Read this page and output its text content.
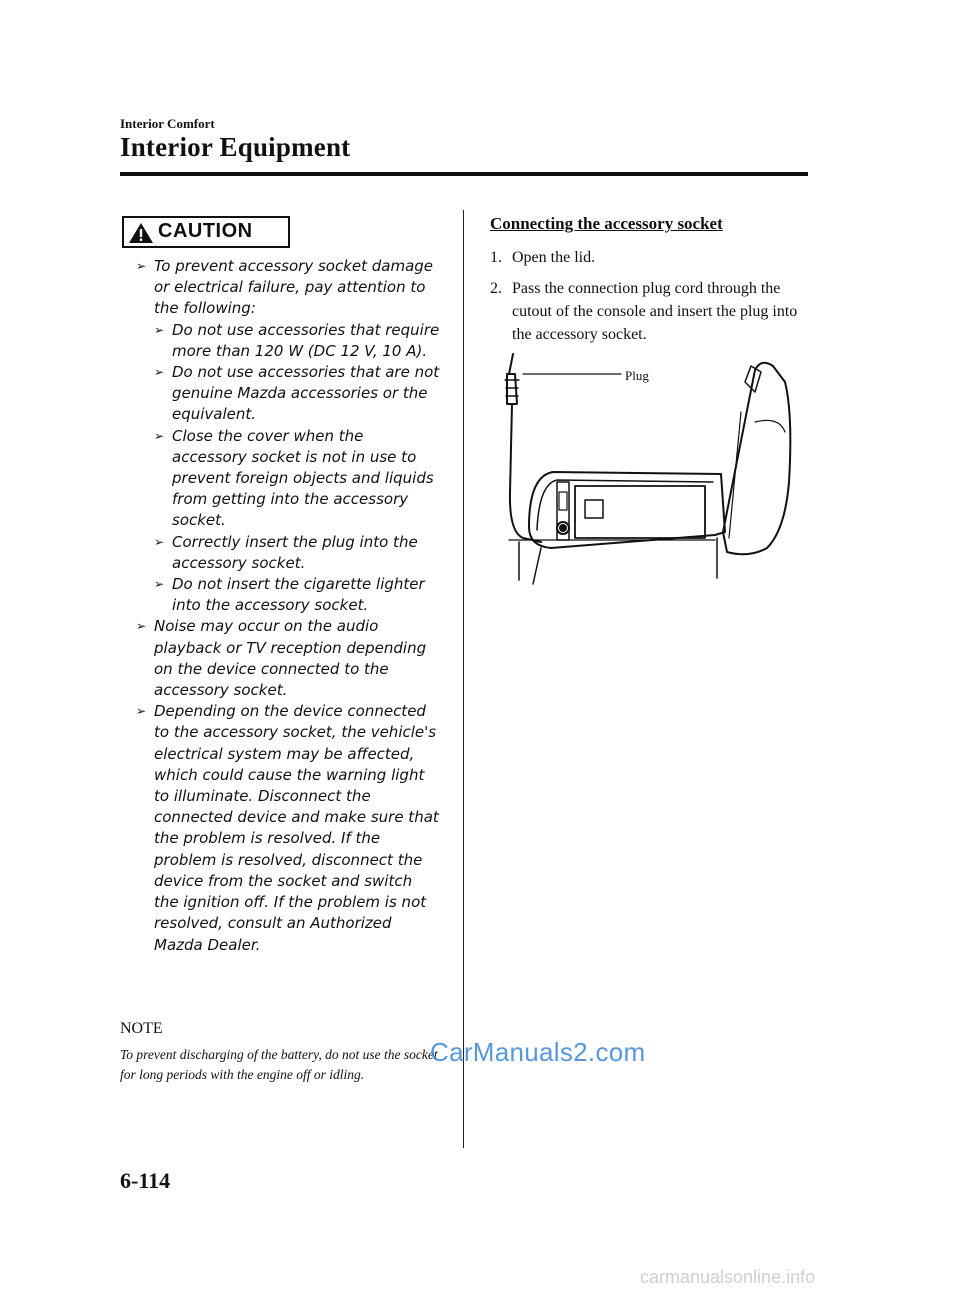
Interior Comfort
Interior Equipment
CAUTION
➢ To prevent accessory socket damage or electrical failure, pay attention to the following:
➢ Do not use accessories that require more than 120 W (DC 12 V, 10 A).
➢ Do not use accessories that are not genuine Mazda accessories or the equivalent.
➢ Close the cover when the accessory socket is not in use to prevent foreign objects and liquids from getting into the accessory socket.
➢ Correctly insert the plug into the accessory socket.
➢ Do not insert the cigarette lighter into the accessory socket.
➢ Noise may occur on the audio playback or TV reception depending on the device connected to the accessory socket.
➢ Depending on the device connected to the accessory socket, the vehicle's electrical system may be affected, which could cause the warning light to illuminate. Disconnect the connected device and make sure that the problem is resolved. If the problem is resolved, disconnect the device from the socket and switch the ignition off. If the problem is not resolved, consult an Authorized Mazda Dealer.
NOTE
To prevent discharging of the battery, do not use the socket for long periods with the engine off or idling.
CarManuals2.com
Connecting the accessory socket
1. Open the lid.
2. Pass the connection plug cord through the cutout of the console and insert the plug into the accessory socket.
Plug
6-114
carmanualsonline.info
